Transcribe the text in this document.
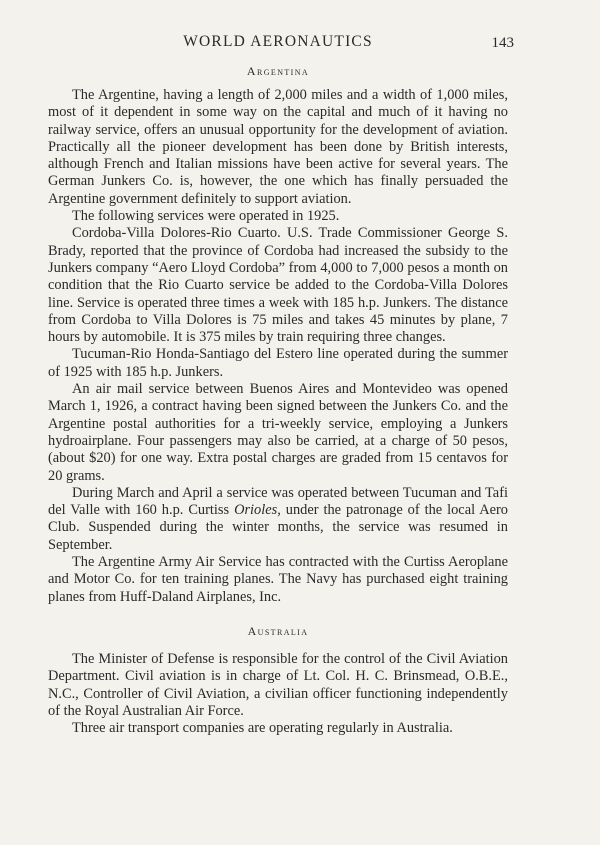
WORLD AERONAUTICS	143
Argentina

The Argentine, having a length of 2,000 miles and a width of 1,000 miles, most of it dependent in some way on the capital and much of it having no railway service, offers an unusual opportunity for the development of aviation. Practically all the pioneer development has been done by British interests, although French and Italian missions have been active for several years. The German Junkers Co. is, however, the one which has finally persuaded the Argentine government definitely to support aviation.

The following services were operated in 1925.

Cordoba-Villa Dolores-Rio Cuarto. U.S. Trade Commissioner George S. Brady, reported that the province of Cordoba had increased the subsidy to the Junkers company “Aero Lloyd Cordoba” from 4,000 to 7,000 pesos a month on condition that the Rio Cuarto service be added to the Cordoba-Villa Dolores line. Service is operated three times a week with 185 h.p. Junkers. The distance from Cordoba to Villa Dolores is 75 miles and takes 45 minutes by plane, 7 hours by automobile. It is 375 miles by train requiring three changes.

Tucuman-Rio Honda-Santiago del Estero line operated during the summer of 1925 with 185 h.p. Junkers.

An air mail service between Buenos Aires and Montevideo was opened March 1, 1926, a contract having been signed between the Junkers Co. and the Argentine postal authorities for a tri-weekly service, employing a Junkers hydroairplane. Four passengers may also be carried, at a charge of 50 pesos, (about $20) for one way. Extra postal charges are graded from 15 centavos for 20 grams.

During March and April a service was operated between Tucuman and Tafi del Valle with 160 h.p. Curtiss Orioles, under the patronage of the local Aero Club. Suspended during the winter months, the service was resumed in September.

The Argentine Army Air Service has contracted with the Curtiss Aeroplane and Motor Co. for ten training planes. The Navy has purchased eight training planes from Huff-Daland Airplanes, Inc.

Australia

The Minister of Defense is responsible for the control of the Civil Aviation Department. Civil aviation is in charge of Lt. Col. H. C. Brinsmead, O.B.E., N.C., Controller of Civil Aviation, a civilian officer functioning independently of the Royal Australian Air Force.

Three air transport companies are operating regularly in Australia.
